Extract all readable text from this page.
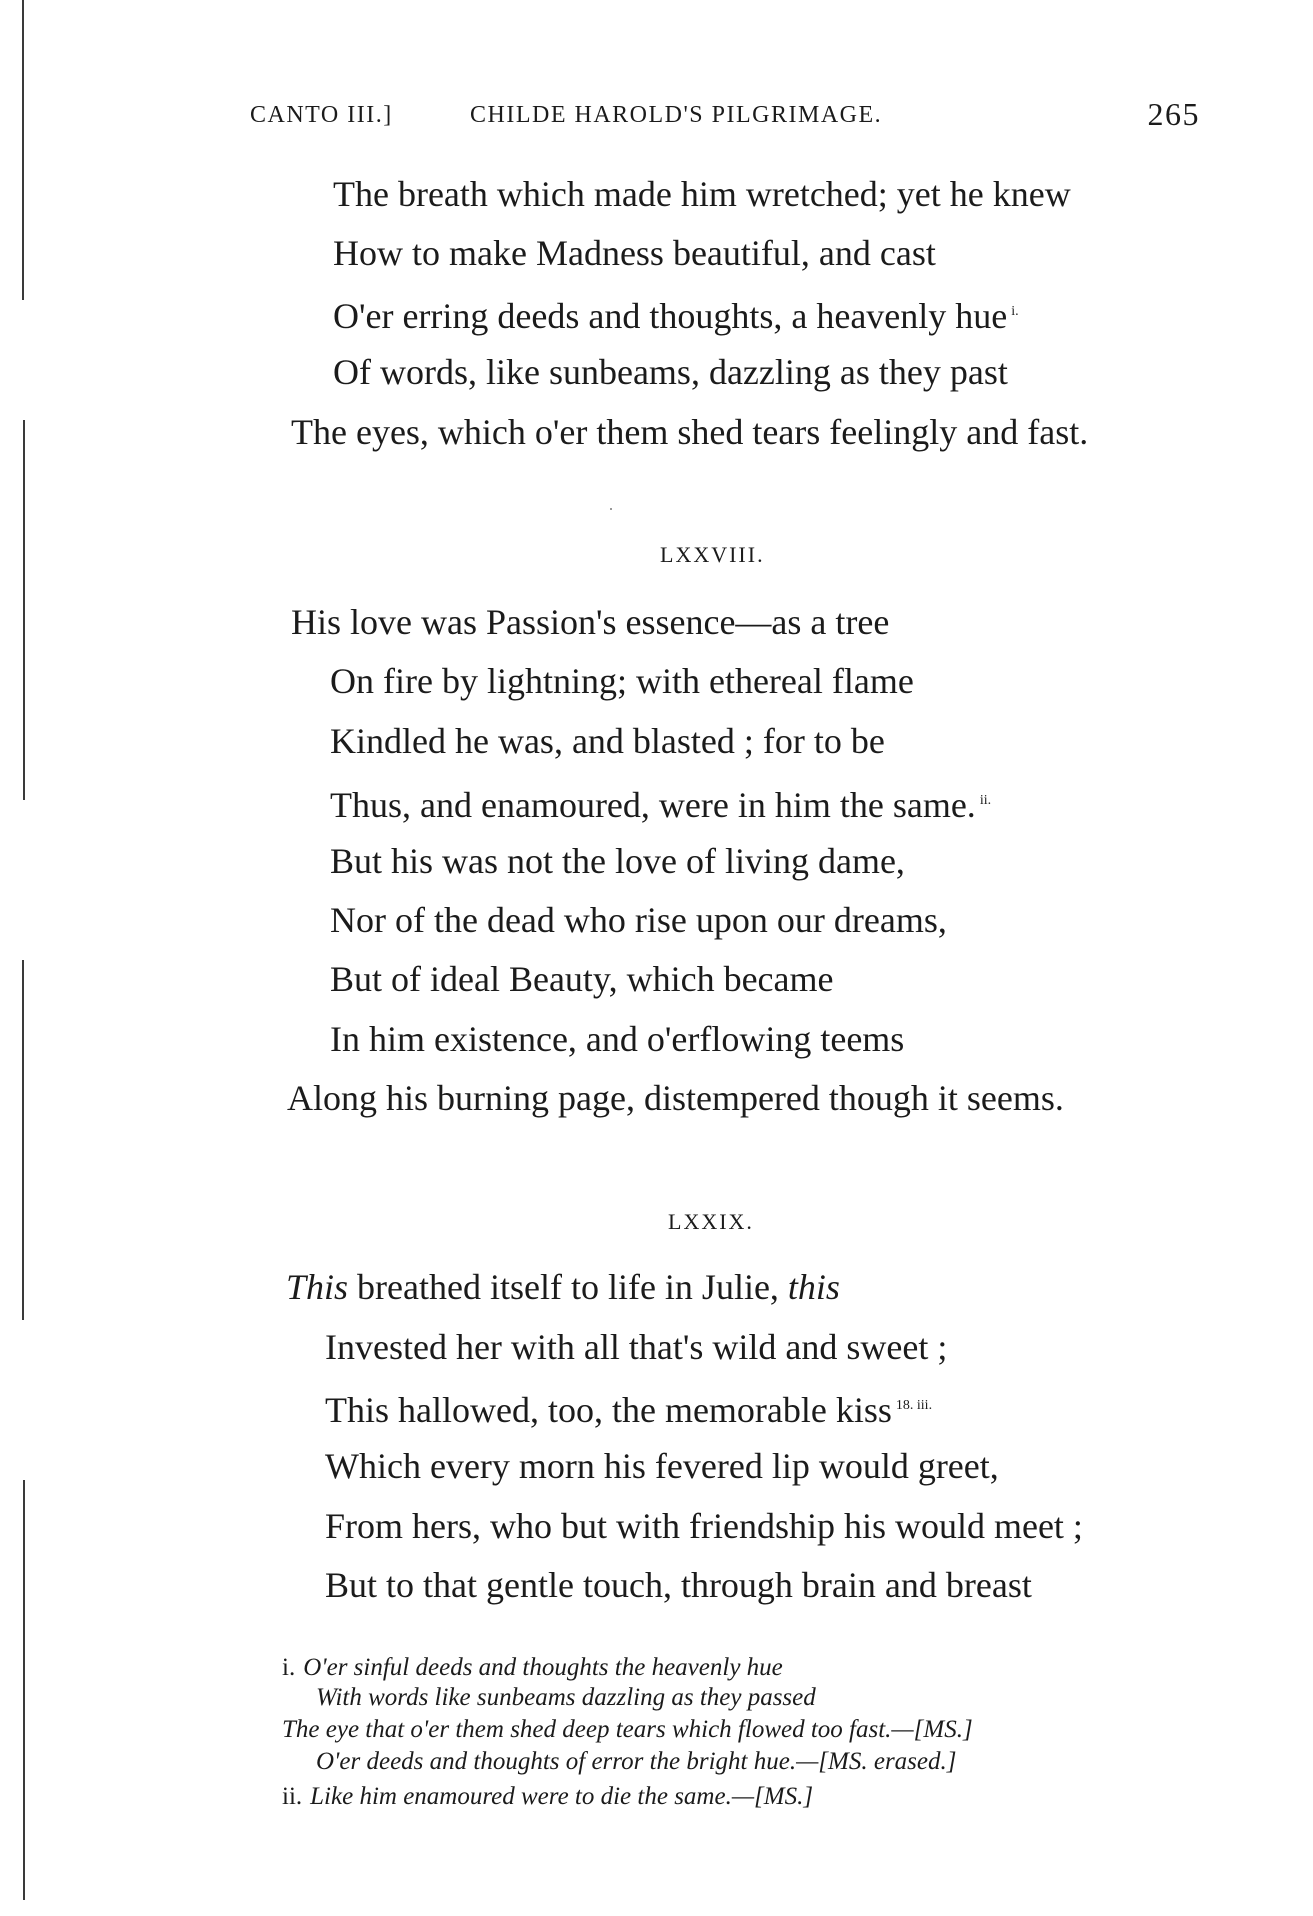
CANTO III.]	CHILDE HAROLD'S PILGRIMAGE.	265
The breath which made him wretched; yet he knew
How to make Madness beautiful, and cast
O'er erring deeds and thoughts, a heavenly hue $^{i.}$
Of words, like sunbeams, dazzling as they past
The eyes, which o'er them shed tears feelingly and fast.
LXXVIII.
His love was Passion's essence—as a tree
On fire by lightning; with ethereal flame
Kindled he was, and blasted ; for to be
Thus, and enamoured, were in him the same. $^{ii.}$
But his was not the love of living dame,
Nor of the dead who rise upon our dreams,
But of ideal Beauty, which became
In him existence, and o'erflowing teems
Along his burning page, distempered though it seems.
LXXIX.
This breathed itself to life in Julie, this
Invested her with all that's wild and sweet ;
This hallowed, too, the memorable kiss $^{18. iii.}$
Which every morn his fevered lip would greet,
From hers, who but with friendship his would meet ;
But to that gentle touch, through brain and breast
i. O'er sinful deeds and thoughts the heavenly hue
With words like sunbeams dazzling as they passed
The eye that o'er them shed deep tears which flowed too fast.—[MS.]
O'er deeds and thoughts of error the bright hue.—[MS. erased.]
ii. Like him enamoured were to die the same.—[MS.]
